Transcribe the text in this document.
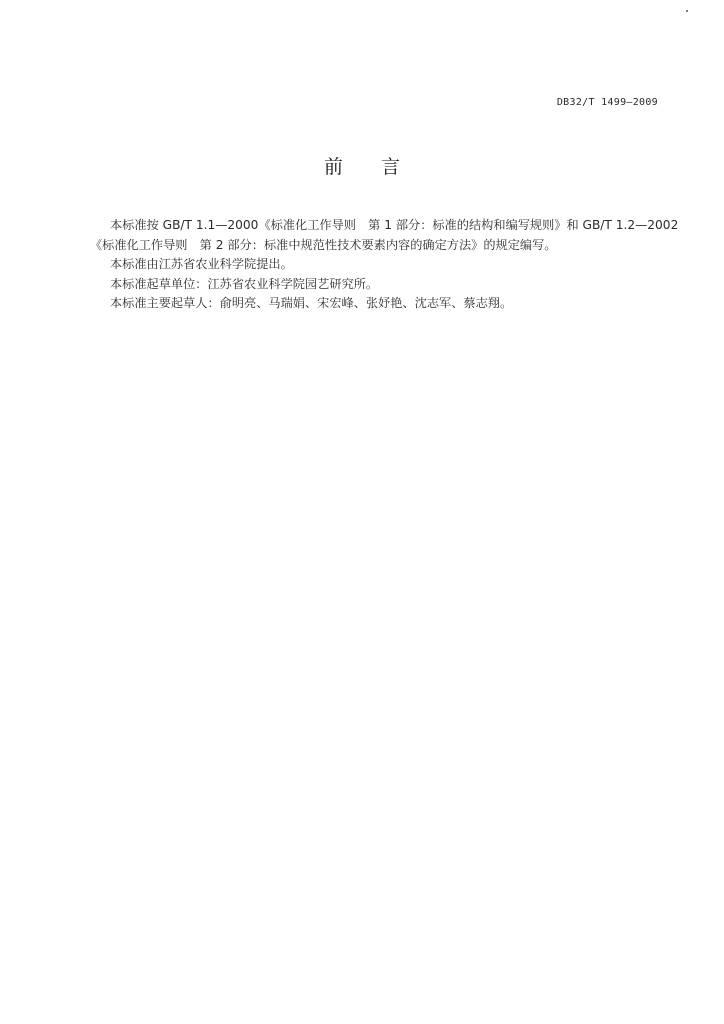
DB32/T 1499—2009
前 言

本标准按 GB/T 1.1—2000《标准化工作导则　第 1 部分：标准的结构和编写规则》和 GB/T 1.2—2002

《标准化工作导则　第 2 部分：标准中规范性技术要素内容的确定方法》的规定编写。

本标准由江苏省农业科学院提出。

本标准起草单位：江苏省农业科学院园艺研究所。

本标准主要起草人：俞明亮、马瑞娟、宋宏峰、张妤艳、沈志军、蔡志翔。
